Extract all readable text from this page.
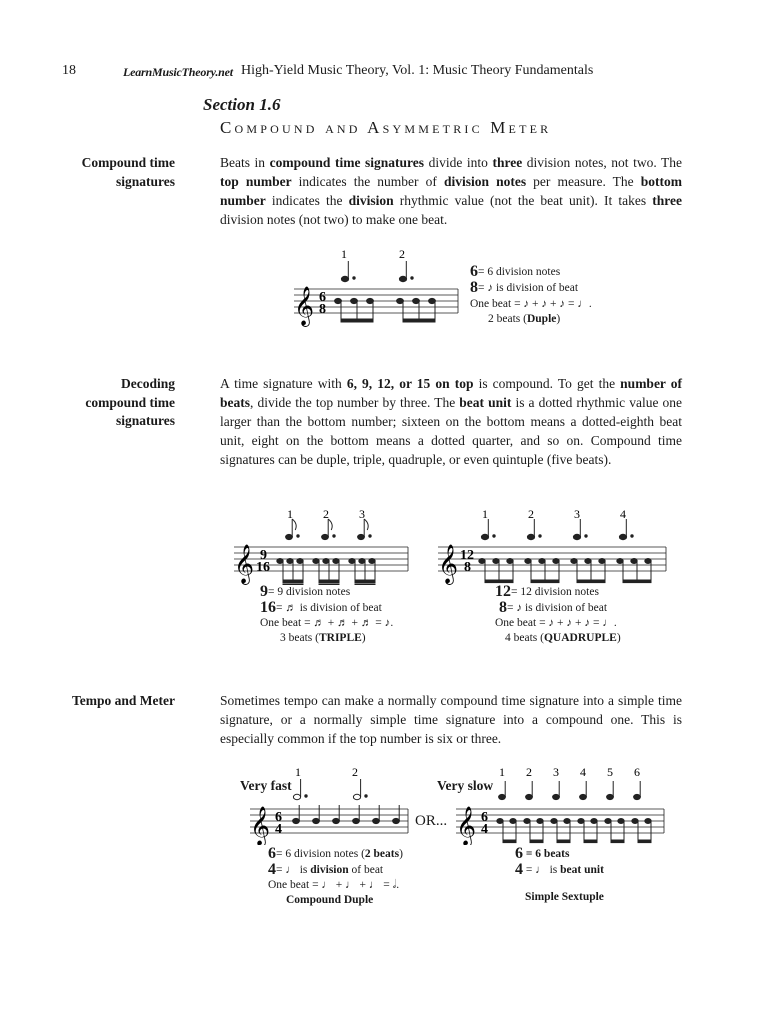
18	LearnMusicTheory.net High-Yield Music Theory, Vol. 1: Music Theory Fundamentals
Section 1.6
Compound and Asymmetric Meter
Compound time
signatures
Beats in compound time signatures divide into three division notes, not two. The top number indicates the number of division notes per measure. The bottom number indicates the division rhythmic value (not the beat unit). It takes three division notes (not two) to make one beat.
𝄞 6
8
1	2
6= 6 division notes
8= ♪ is division of beat
One beat = ♪ + ♪ + ♪ = ♩.
2 beats (Duple)
Decoding
compound time
signatures
A time signature with 6, 9, 12, or 15 on top is compound. To get the number of beats, divide the top number by three. The beat unit is a dotted rhythmic value one larger than the bottom number; sixteen on the bottom means a dotted-eighth beat unit, eight on the bottom means a dotted quarter, and so on. Compound time signatures can be duple, triple, quadruple, or even quintuple (five beats).
𝄞 9
16
1	2	3
9= 9 division notes
16= ♬ is division of beat
One beat = ♬ + ♬ + ♬ = ♪.
3 beats (TRIPLE)
𝄞 12
8
1	2	3	4
12= 12 division notes
8= ♪ is division of beat
One beat = ♪ + ♪ + ♪ = ♩.
4 beats (QUADRUPLE)
Tempo and Meter	Sometimes tempo can make a normally compound time signature into a simple time signature, or a normally simple time signature into a compound one. This is especially common if the top number is six or three.
Very fast
𝄞 6
4
1	2
OR...
6= 6 division notes (2 beats)
4= ♩ is division of beat
One beat = ♩ + ♩ + ♩ = 𝅗𝅥.
Compound Duple
Very slow
𝄞 6
4
1 2 3 4 5 6
6 = 6 beats
4 = ♩ is beat unit
Simple Sextuple
